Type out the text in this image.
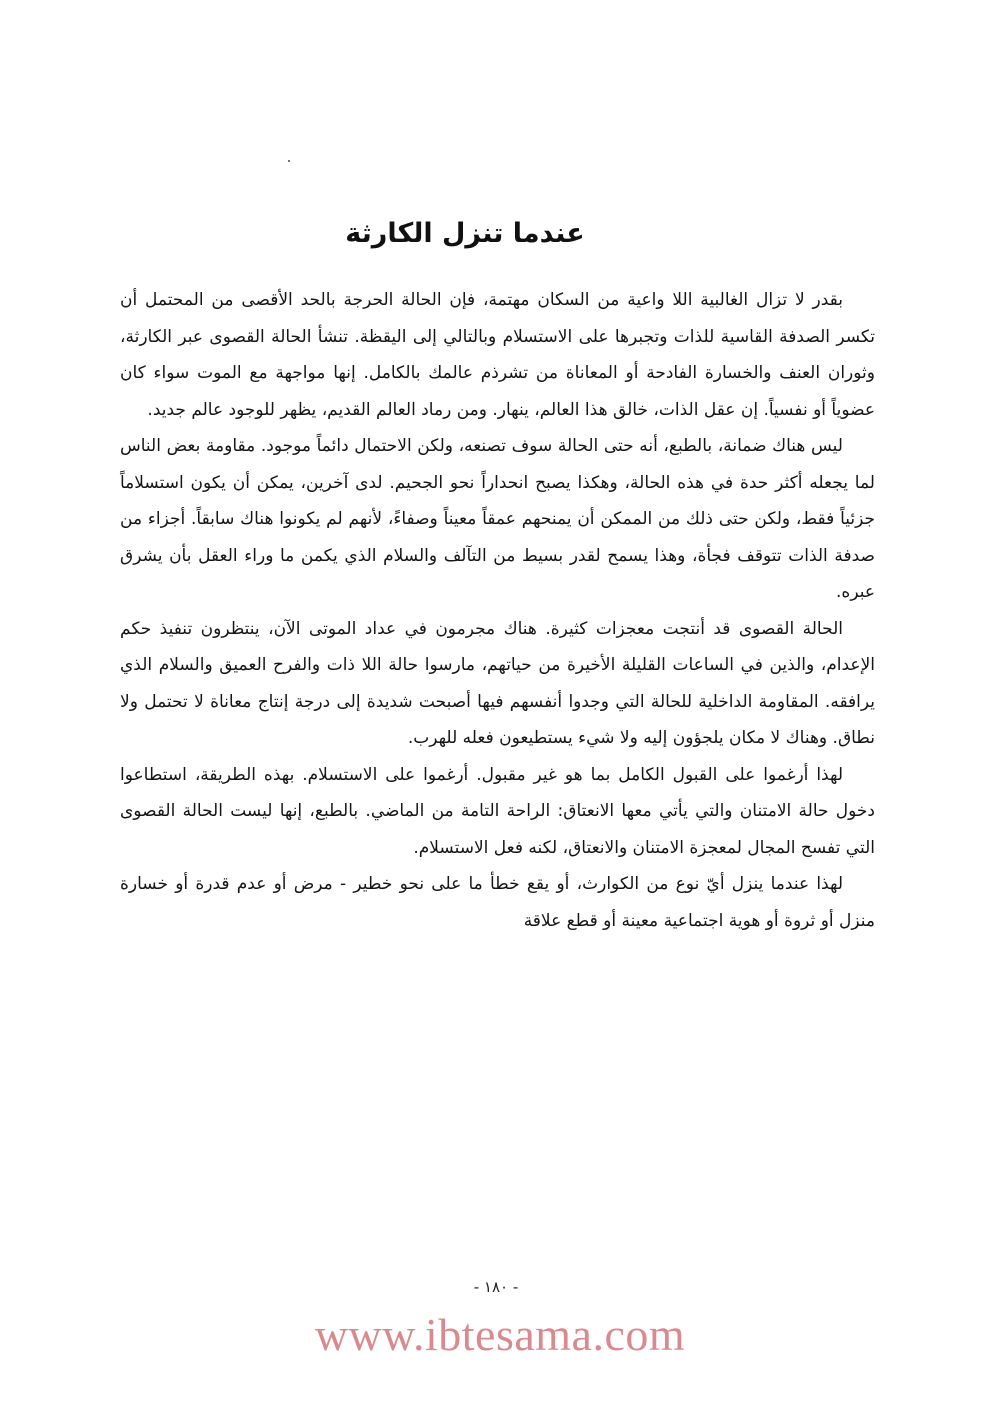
عندما تنزل الكارثة

بقدر لا تزال الغالبية اللا واعية من السكان مهتمة، فإن الحالة الحرجة بالحد الأقصى من المحتمل أن تكسر الصدفة القاسية للذات وتجبرها على الاستسلام وبالتالي إلى اليقظة. تنشأ الحالة القصوى عبر الكارثة، وثوران العنف والخسارة الفادحة أو المعاناة من تشرذم عالمك بالكامل. إنها مواجهة مع الموت سواء كان عضوياً أو نفسياً. إن عقل الذات، خالق هذا العالم، ينهار. ومن رماد العالم القديم، يظهر للوجود عالم جديد.

ليس هناك ضمانة، بالطبع، أنه حتى الحالة سوف تصنعه، ولكن الاحتمال دائماً موجود. مقاومة بعض الناس لما يجعله أكثر حدة في هذه الحالة، وهكذا يصبح انحداراً نحو الجحيم. لدى آخرين، يمكن أن يكون استسلاماً جزئياً فقط، ولكن حتى ذلك من الممكن أن يمنحهم عمقاً معيناً وصفاءً، لأنهم لم يكونوا هناك سابقاً. أجزاء من صدفة الذات تتوقف فجأة، وهذا يسمح لقدر بسيط من التآلف والسلام الذي يكمن ما وراء العقل بأن يشرق عبره.

الحالة القصوى قد أنتجت معجزات كثيرة. هناك مجرمون في عداد الموتى الآن، ينتظرون تنفيذ حكم الإعدام، والذين في الساعات القليلة الأخيرة من حياتهم، مارسوا حالة اللا ذات والفرح العميق والسلام الذي يرافقه. المقاومة الداخلية للحالة التي وجدوا أنفسهم فيها أصبحت شديدة إلى درجة إنتاج معاناة لا تحتمل ولا نطاق. وهناك لا مكان يلجؤون إليه ولا شيء يستطيعون فعله للهرب.

لهذا أرغموا على القبول الكامل بما هو غير مقبول. أرغموا على الاستسلام. بهذه الطريقة، استطاعوا دخول حالة الامتنان والتي يأتي معها الانعتاق: الراحة التامة من الماضي. بالطبع، إنها ليست الحالة القصوى التي تفسح المجال لمعجزة الامتنان والانعتاق، لكنه فعل الاستسلام.

لهذا عندما ينزل أيّ نوع من الكوارث، أو يقع خطأ ما على نحو خطير - مرض أو عدم قدرة أو خسارة منزل أو ثروة أو هوية اجتماعية معينة أو قطع علاقة

- ١٨٠ -
www.ibtesama.com
